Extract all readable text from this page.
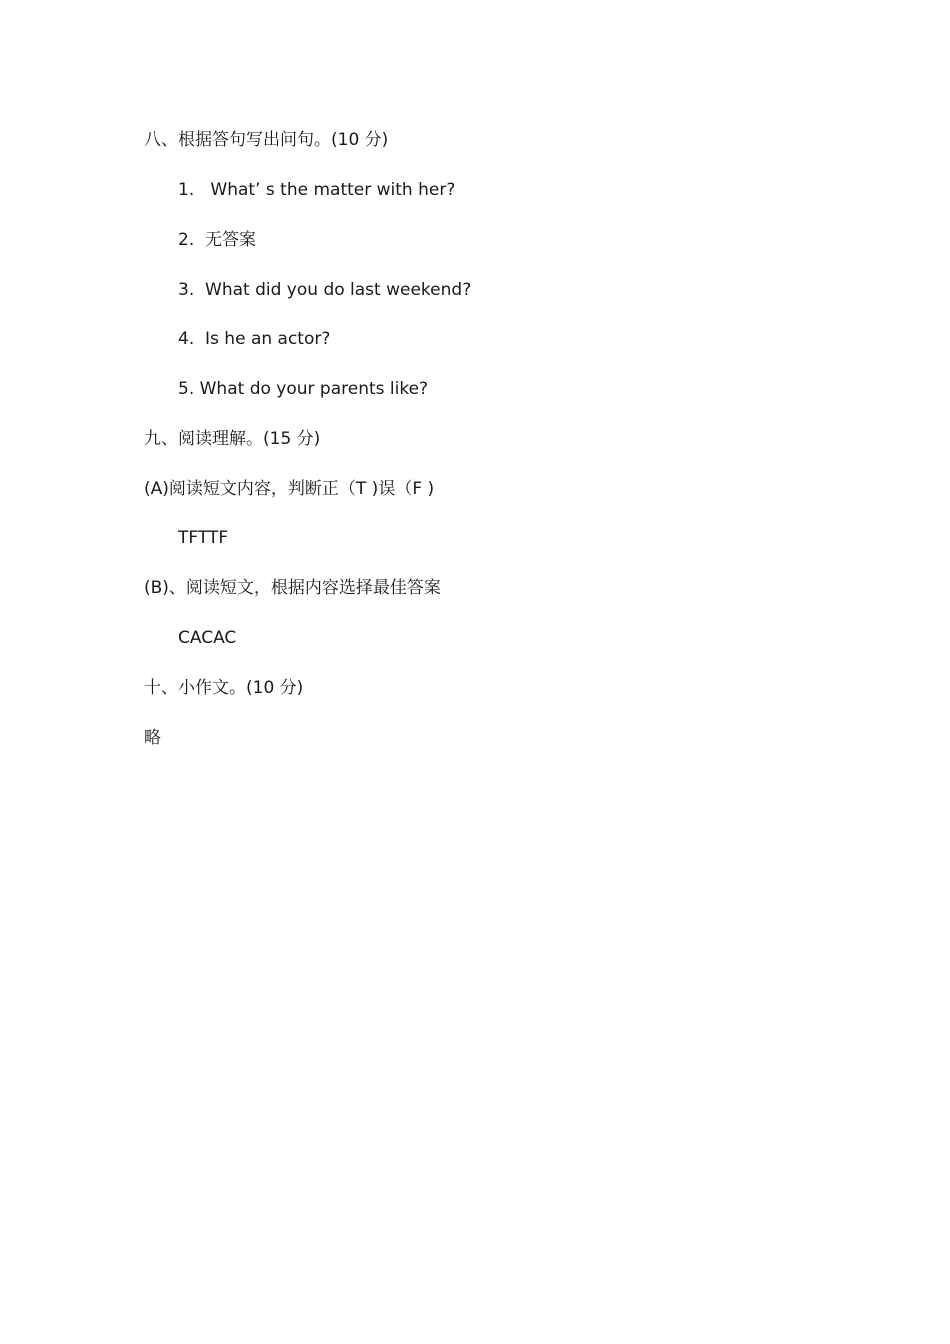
八、根据答句写出问句。(10 分)
1.   What’ s the matter with her?
2.  无答案
3.  What did you do last weekend?
4.  Is he an actor?
5. What do your parents like?
九、阅读理解。(15 分)
(A)阅读短文内容，判断正（T )误（F )
TFTTF
(B)、阅读短文，根据内容选择最佳答案
CACAC
十、小作文。(10 分)
略
